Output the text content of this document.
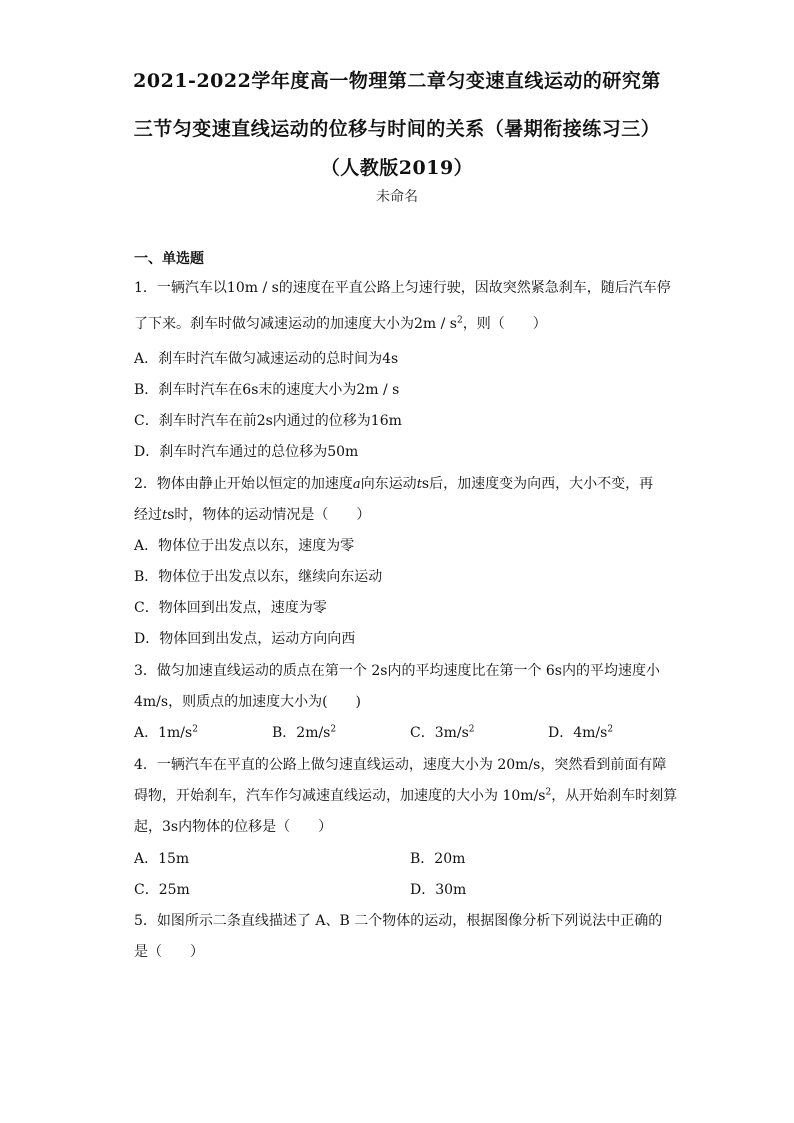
2021-2022学年度高一物理第二章匀变速直线运动的研究第
三节匀变速直线运动的位移与时间的关系（暑期衔接练习三）
（人教版2019）
未命名
一、单选题
1．一辆汽车以10m / s的速度在平直公路上匀速行驶，因故突然紧急刹车，随后汽车停
了下来。刹车时做匀减速运动的加速度大小为$2m / s^2$，则（　　）
A．刹车时汽车做匀减速运动的总时间为4s
B．刹车时汽车在6s末的速度大小为2m / s
C．刹车时汽车在前2s内通过的位移为16m
D．刹车时汽车通过的总位移为50m
2．物体由静止开始以恒定的加速度a向东运动ts后，加速度变为向西，大小不变，再
经过ts时，物体的运动情况是（　　）
A．物体位于出发点以东，速度为零
B．物体位于出发点以东，继续向东运动
C．物体回到出发点，速度为零
D．物体回到出发点，运动方向向西
3．做匀加速直线运动的质点在第一个 2s内的平均速度比在第一个 6s内的平均速度小
4m/s，则质点的加速度大小为(　　)
A．$1m/s^2$	B．$2m/s^2$	C．$3m/s^2$	D．$4m/s^2$
4．一辆汽车在平直的公路上做匀速直线运动，速度大小为 20m/s，突然看到前面有障
碍物，开始刹车，汽车作匀减速直线运动，加速度的大小为 $10m/s^2$，从开始刹车时刻算
起，3s内物体的位移是（　　）
A．15m	B．20m
C．25m	D．30m
5．如图所示二条直线描述了 A、B 二个物体的运动，根据图像分析下列说法中正确的
是（　　）
